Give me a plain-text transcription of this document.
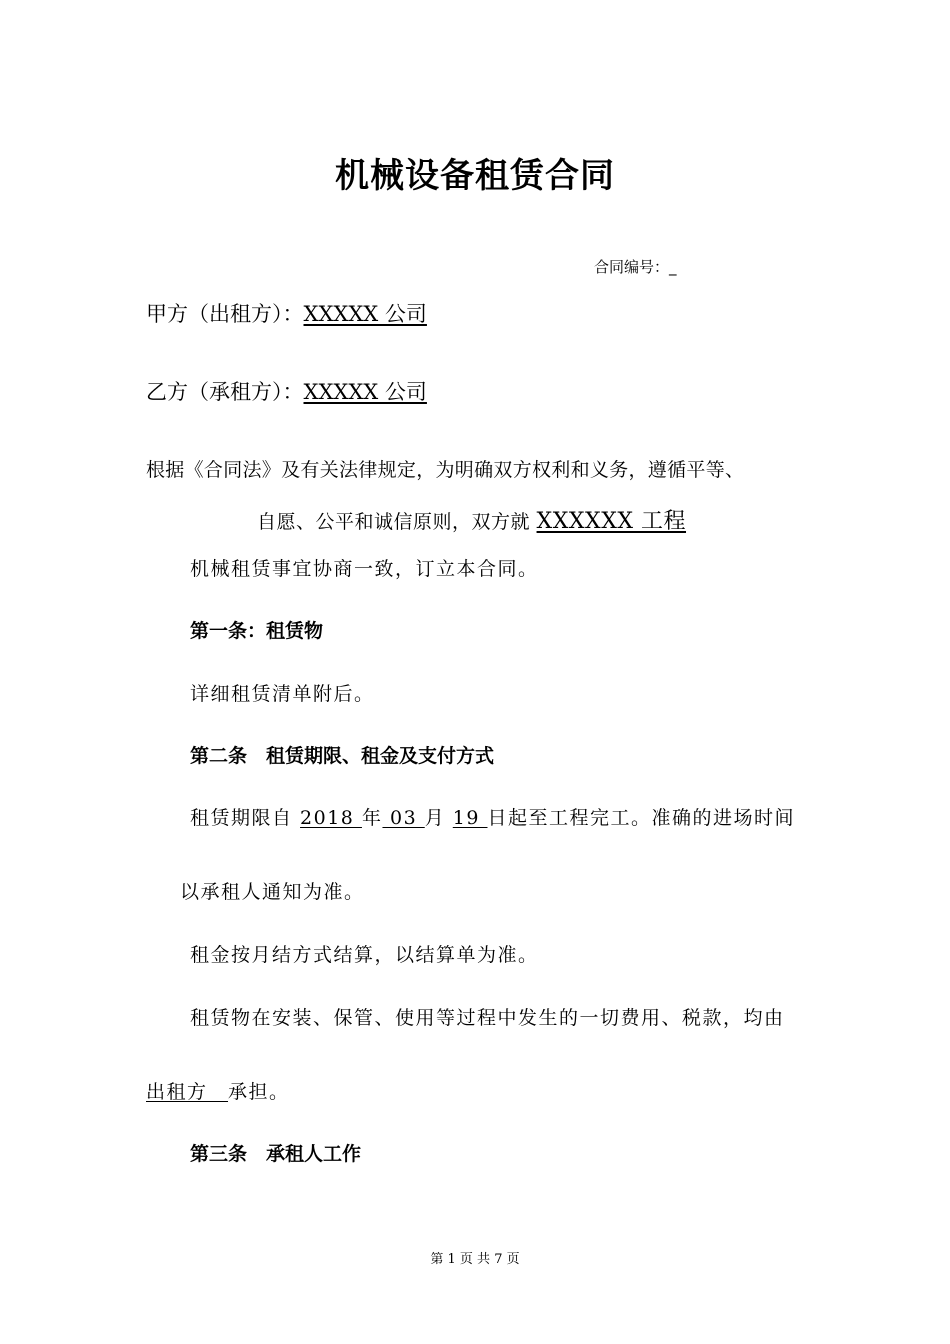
机械设备租赁合同
合同编号：_
甲方（出租方）：XXXXX 公司
乙方（承租方）：XXXXX 公司
根据《合同法》及有关法律规定，为明确双方权利和义务，遵循平等、
自愿、公平和诚信原则，双方就 XXXXXX 工程
机械租赁事宜协商一致，订立本合同。
第一条：租赁物
详细租赁清单附后。
第二条　租赁期限、租金及支付方式
租赁期限自 2018 年 03 月 19 日起至工程完工。准确的进场时间
以承租人通知为准。
租金按月结方式结算，以结算单为准。
租赁物在安装、保管、使用等过程中发生的一切费用、税款，均由
出租方　承担。
第三条　承租人工作
第 1 页 共 7 页
